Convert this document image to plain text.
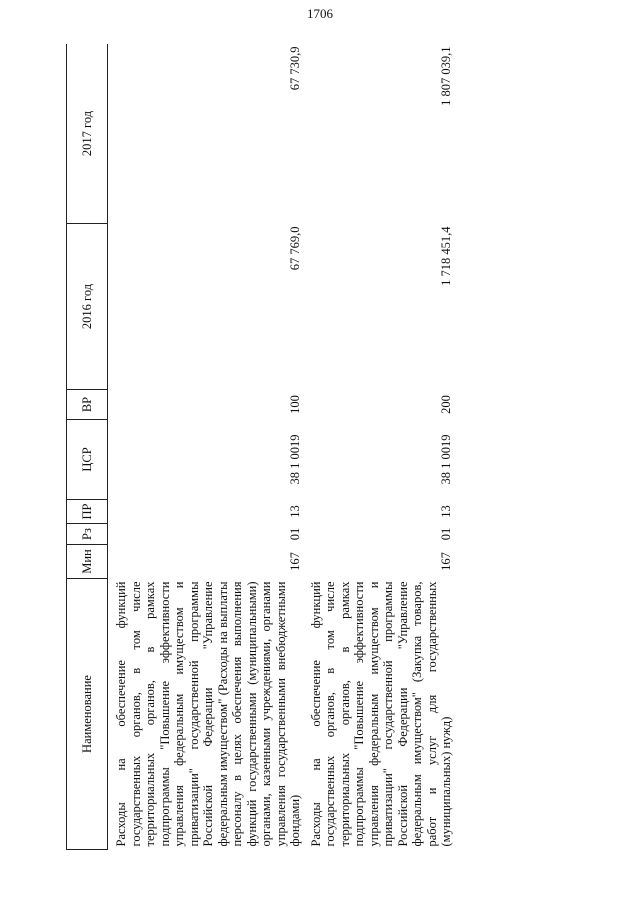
1706
Наименование	Мин	Рз	ПР	ЦСР	ВР	2016 год	2017 год
Расходы на обеспечение функций государственных органов, в том числе территориальных органов, в рамках подпрограммы "Повышение эффективности управления федеральным имуществом и приватизации" государственной программы Российской Федерации "Управление федеральным имуществом" (Расходы на выплаты персоналу в целях обеспечения выполнения функций государственными (муниципальными) органами, казенными учреждениями, органами управления государственными внебюджетными фондами)	167	01	13	38 1 0019	100	67 769,0	67 730,9
Расходы на обеспечение функций государственных органов, в том числе территориальных органов, в рамках подпрограммы "Повышение эффективности управления федеральным имуществом и приватизации" государственной программы Российской Федерации "Управление федеральным имуществом" (Закупка товаров, работ и услуг для государственных (муниципальных) нужд)	167	01	13	38 1 0019	200	1 718 451,4	1 807 039,1
